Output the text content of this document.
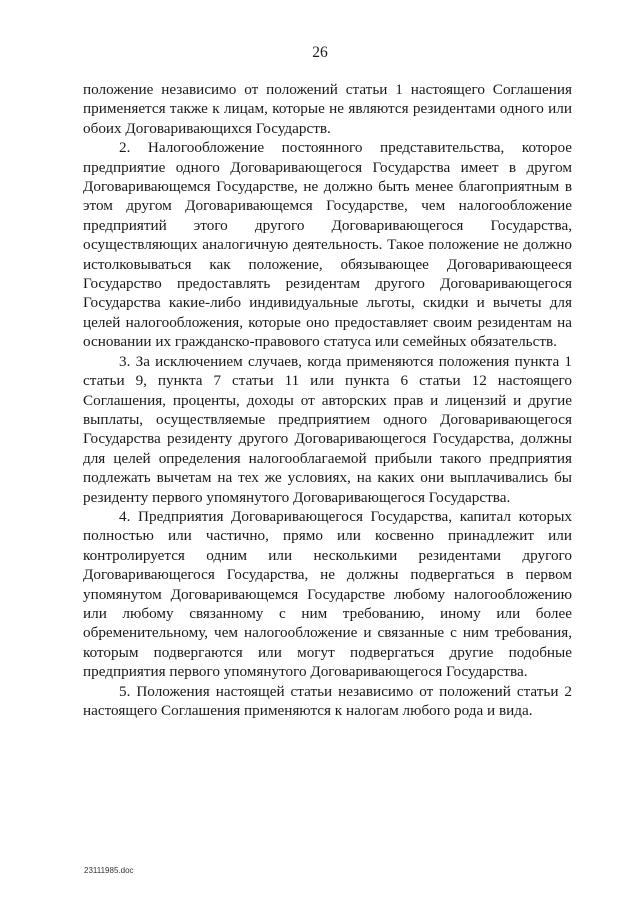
26

положение независимо от положений статьи 1 настоящего Соглашения применяется также к лицам, которые не являются резидентами одного или обоих Договаривающихся Государств.

2. Налогообложение постоянного представительства, которое предприятие одного Договаривающегося Государства имеет в другом Договаривающемся Государстве, не должно быть менее благоприятным в этом другом Договаривающемся Государстве, чем налогообложение предприятий этого другого Договаривающегося Государства, осуществляющих аналогичную деятельность. Такое положение не должно истолковываться как положение, обязывающее Договаривающееся Государство предоставлять резидентам другого Договаривающегося Государства какие-либо индивидуальные льготы, скидки и вычеты для целей налогообложения, которые оно предоставляет своим резидентам на основании их гражданско-правового статуса или семейных обязательств.

3. За исключением случаев, когда применяются положения пункта 1 статьи 9, пункта 7 статьи 11 или пункта 6 статьи 12 настоящего Соглашения, проценты, доходы от авторских прав и лицензий и другие выплаты, осуществляемые предприятием одного Договаривающегося Государства резиденту другого Договаривающегося Государства, должны для целей определения налогооблагаемой прибыли такого предприятия подлежать вычетам на тех же условиях, на каких они выплачивались бы резиденту первого упомянутого Договаривающегося Государства.

4. Предприятия Договаривающегося Государства, капитал которых полностью или частично, прямо или косвенно принадлежит или контролируется одним или несколькими резидентами другого Договаривающегося Государства, не должны подвергаться в первом упомянутом Договаривающемся Государстве любому налогообложению или любому связанному с ним требованию, иному или более обременительному, чем налогообложение и связанные с ним требования, которым подвергаются или могут подвергаться другие подобные предприятия первого упомянутого Договаривающегося Государства.

5. Положения настоящей статьи независимо от положений статьи 2 настоящего Соглашения применяются к налогам любого рода и вида.

23111985.doc
